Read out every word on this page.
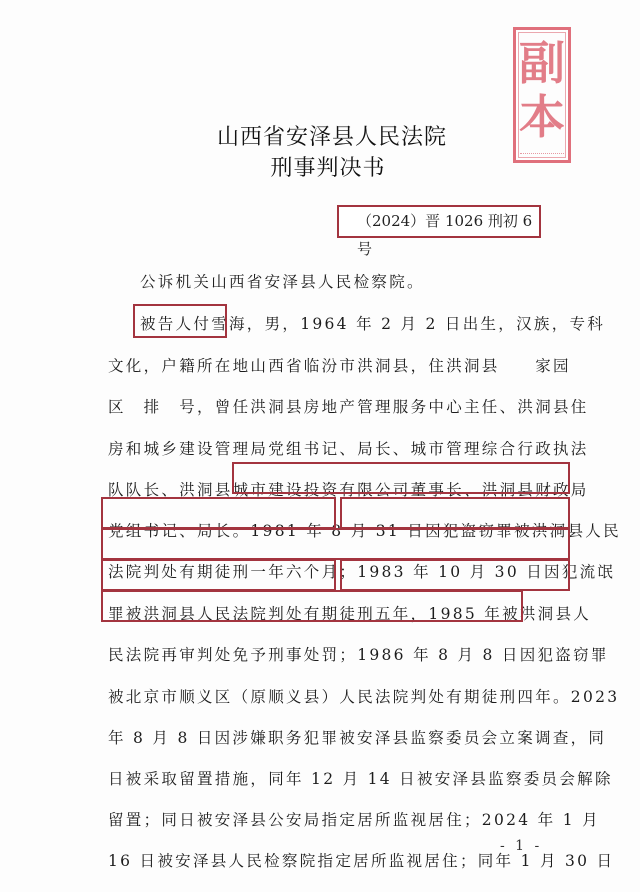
副
本
山西省安泽县人民法院
刑事判决书
（2024）晋 1026 刑初 6 号
公诉机关山西省安泽县人民检察院。
被告人付雪海，男，1964 年 2 月 2 日出生，汉族，专科
文化，户籍所在地山西省临汾市洪洞县，住洪洞县　　家园
区　排　号，曾任洪洞县房地产管理服务中心主任、洪洞县住
房和城乡建设管理局党组书记、局长、城市管理综合行政执法
队队长、洪洞县城市建设投资有限公司董事长、洪洞县财政局
党组书记、局长。1981 年 8 月 31 日因犯盗窃罪被洪洞县人民
法院判处有期徒刑一年六个月；1983 年 10 月 30 日因犯流氓
罪被洪洞县人民法院判处有期徒刑五年，1985 年被洪洞县人
民法院再审判处免予刑事处罚；1986 年 8 月 8 日因犯盗窃罪
被北京市顺义区（原顺义县）人民法院判处有期徒刑四年。2023
年 8 月 8 日因涉嫌职务犯罪被安泽县监察委员会立案调查，同
日被采取留置措施，同年 12 月 14 日被安泽县监察委员会解除
留置；同日被安泽县公安局指定居所监视居住；2024 年 1 月
16 日被安泽县人民检察院指定居所监视居住；同年 1 月 30 日
- 1 -
